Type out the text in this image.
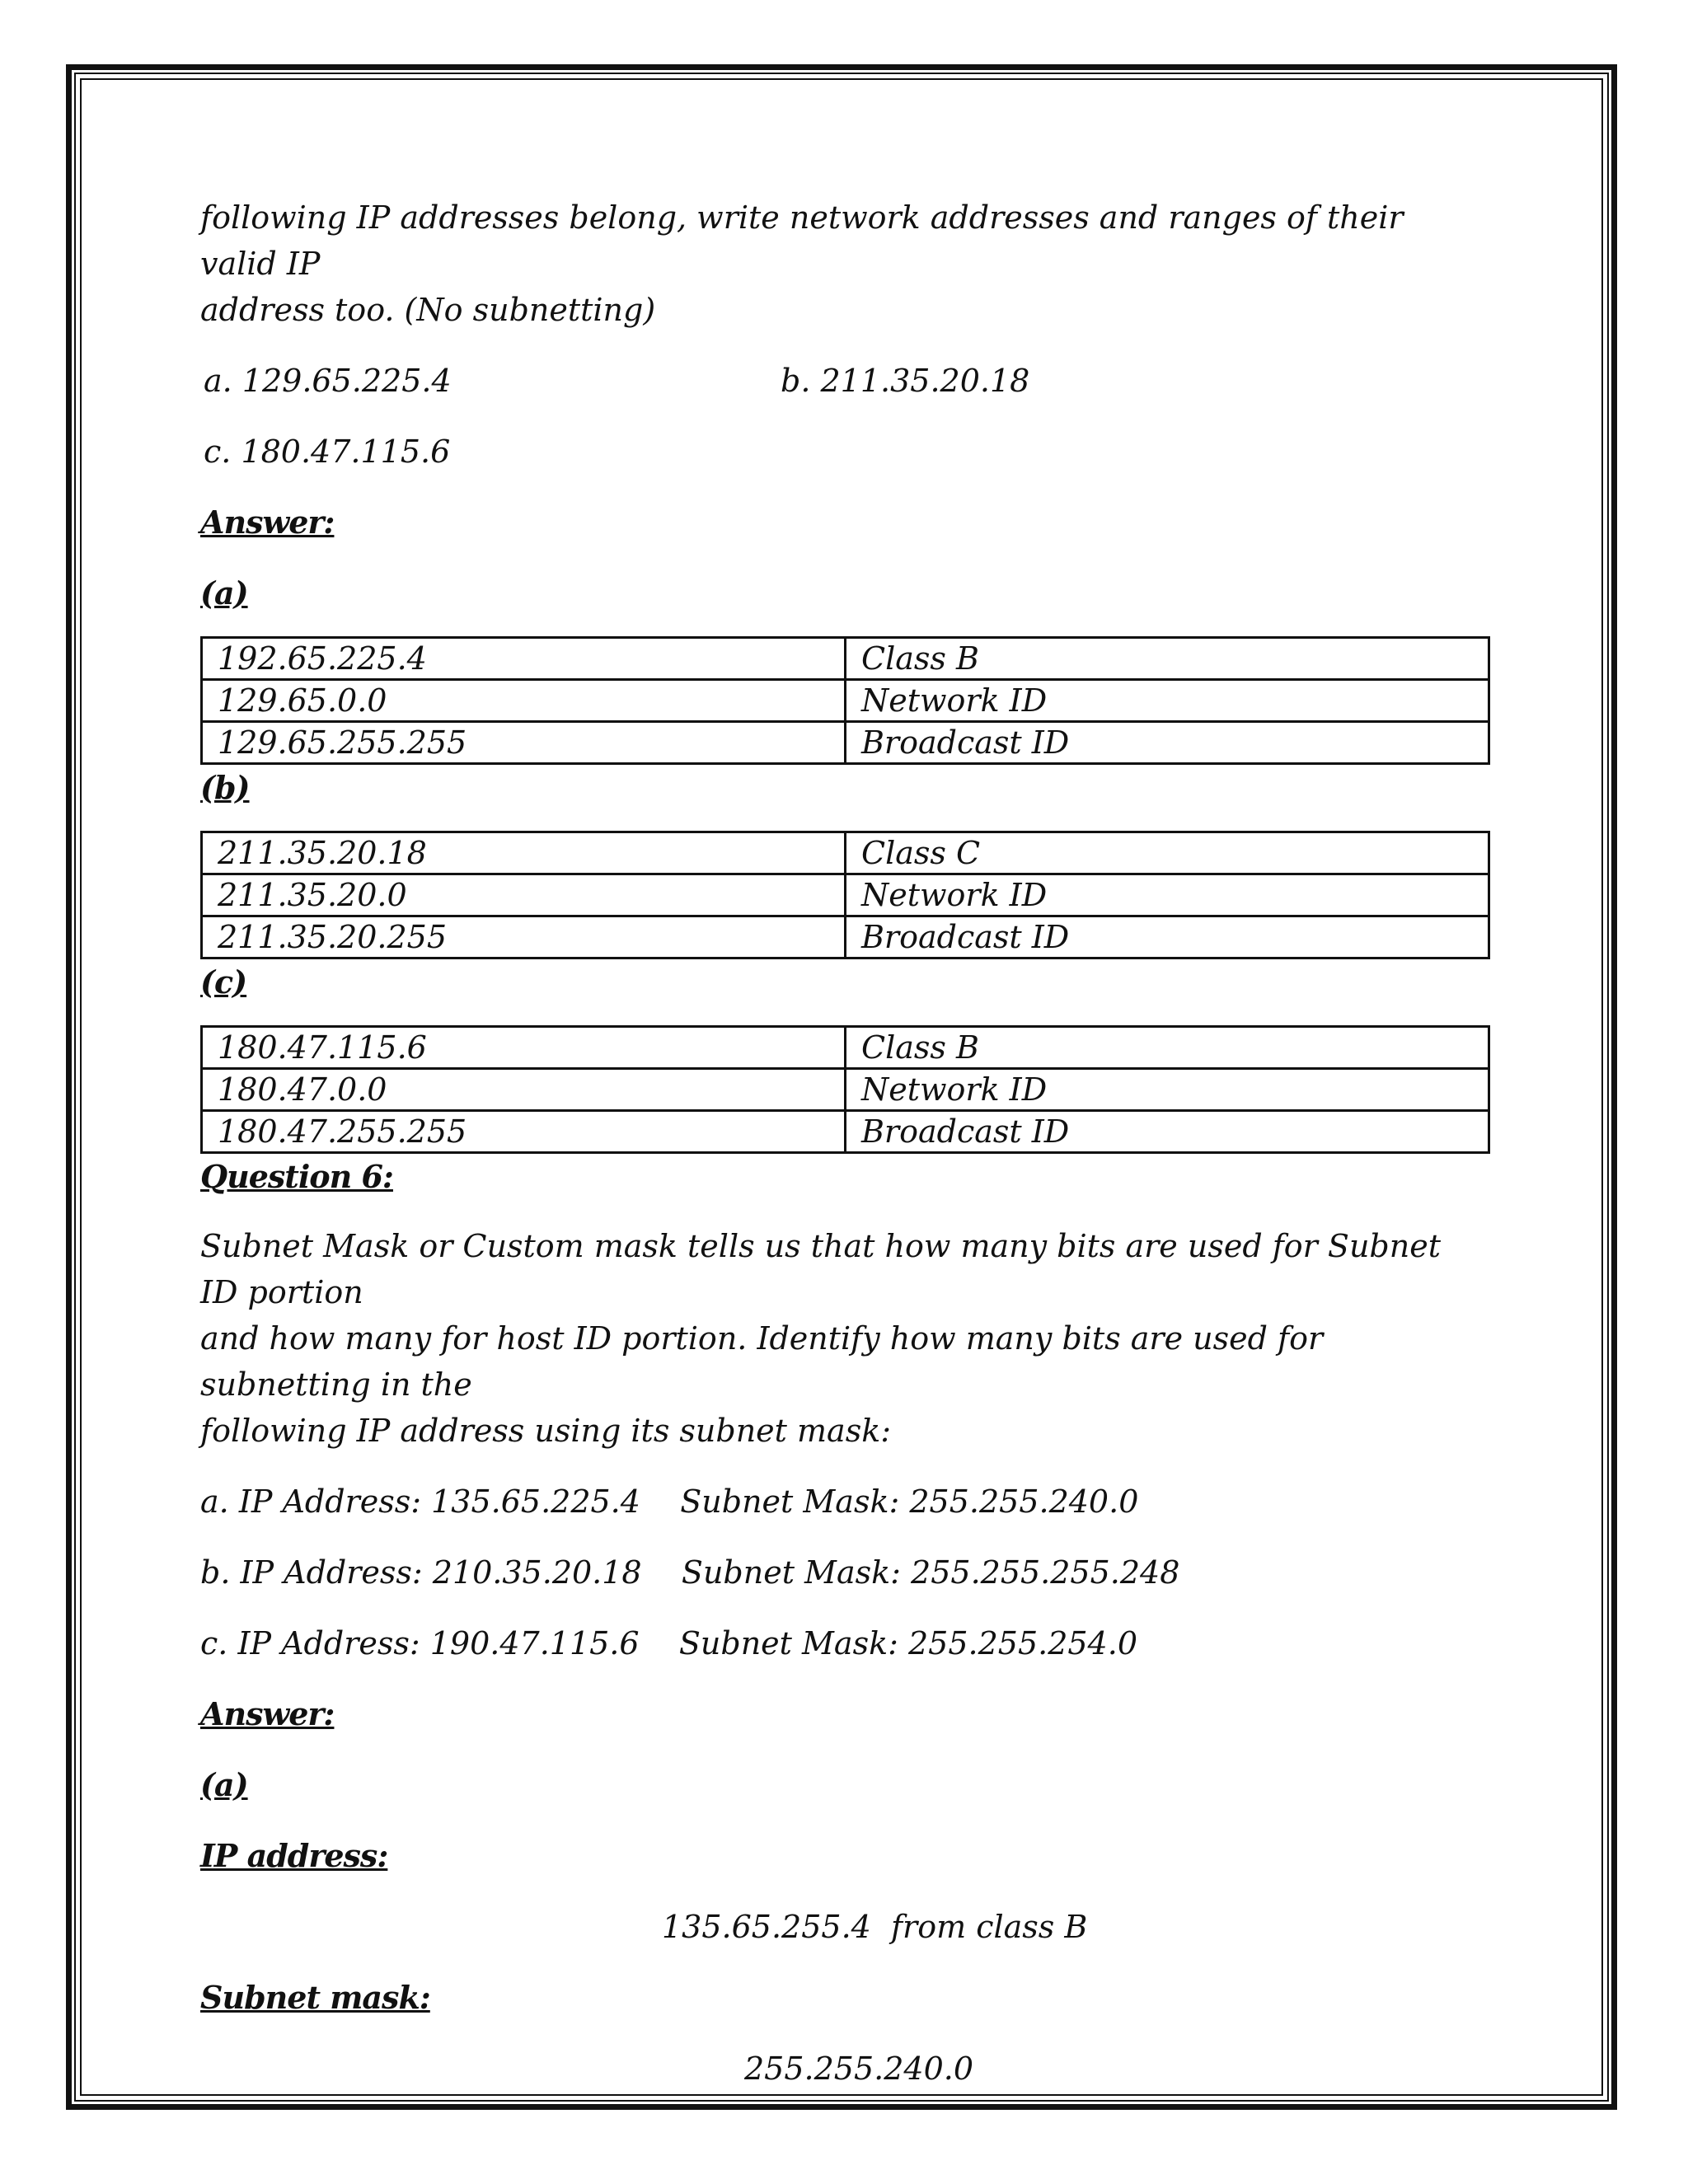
following IP addresses belong, write network addresses and ranges of their valid IP

address too. (No subnetting)

a. 129.65.225.4	b. 211.35.20.18
c. 180.47.115.6

Answer:

(a)

192.65.225.4	Class B
129.65.0.0	Network ID
129.65.255.255	Broadcast ID

(b)

211.35.20.18	Class C
211.35.20.0	Network ID
211.35.20.255	Broadcast ID

(c)

180.47.115.6	Class B
180.47.0.0	Network ID
180.47.255.255	Broadcast ID

Question 6:

Subnet Mask or Custom mask tells us that how many bits are used for Subnet ID portion

and how many for host ID portion. Identify how many bits are used for subnetting in the

following IP address using its subnet mask:

a. IP Address: 135.65.225.4    Subnet Mask: 255.255.240.0

b. IP Address: 210.35.20.18    Subnet Mask: 255.255.255.248

c. IP Address: 190.47.115.6    Subnet Mask: 255.255.254.0

Answer:

(a)

IP address:

135.65.255.4  from class B

Subnet mask:

255.255.240.0
